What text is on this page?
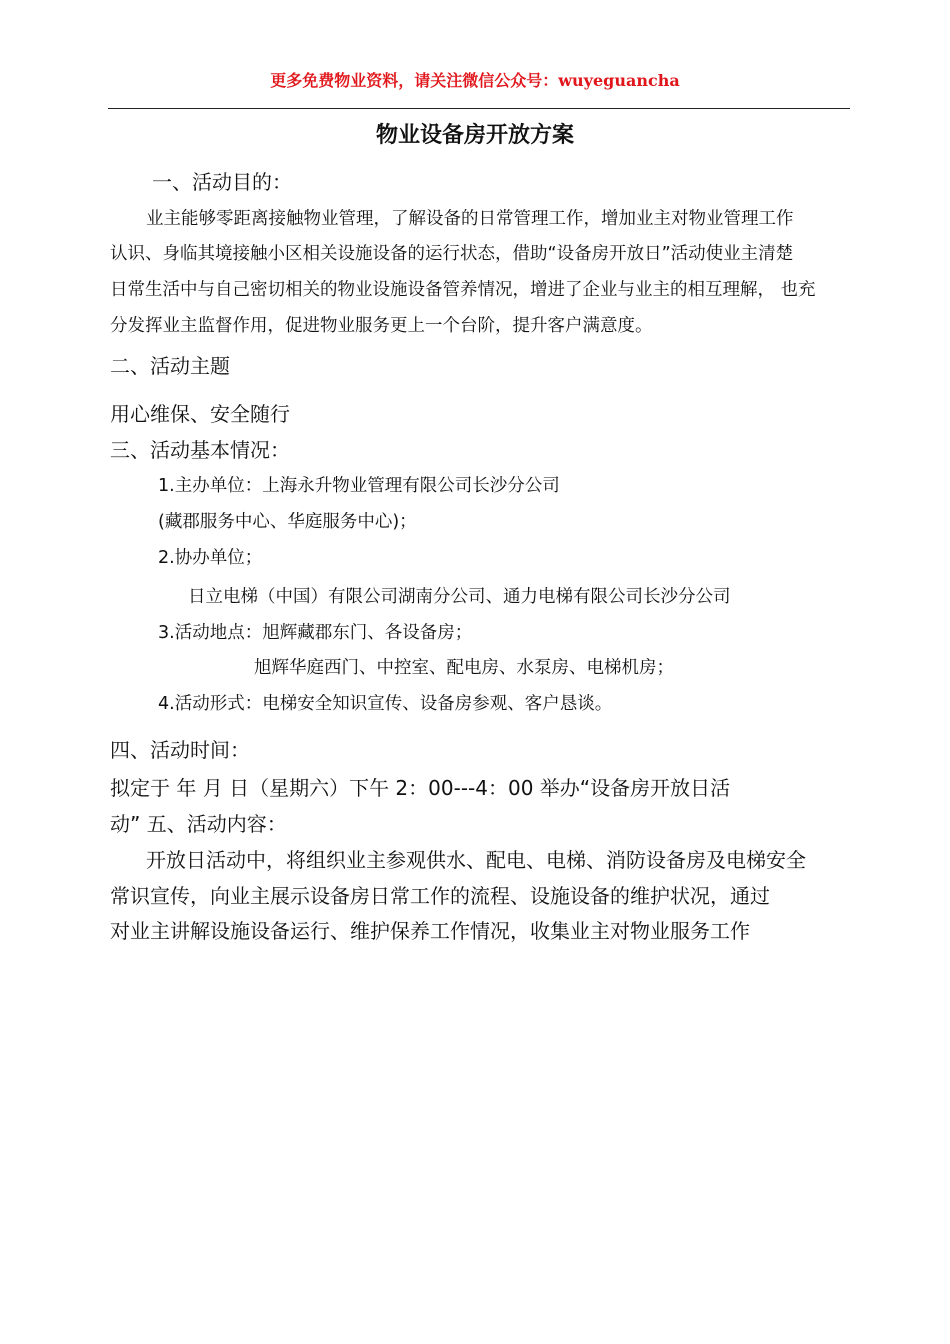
更多免费物业资料，请关注微信公众号：wuyeguancha
物业设备房开放方案
一、活动目的：
业主能够零距离接触物业管理，了解设备的日常管理工作，增加业主对物业管理工作
认识、身临其境接触小区相关设施设备的运行状态，借助“设备房开放日”活动使业主清楚
日常生活中与自己密切相关的物业设施设备管养情况，增进了企业与业主的相互理解， 也充
分发挥业主监督作用，促进物业服务更上一个台阶，提升客户满意度。
二、活动主题
用心维保、安全随行
三、活动基本情况：
1.主办单位：上海永升物业管理有限公司长沙分公司
(藏郡服务中心、华庭服务中心)；
2.协办单位；
日立电梯（中国）有限公司湖南分公司、通力电梯有限公司长沙分公司
3.活动地点：旭辉藏郡东门、各设备房；
旭辉华庭西门、中控室、配电房、水泵房、电梯机房；
4.活动形式：电梯安全知识宣传、设备房参观、客户恳谈。
四、活动时间：
拟定于 年 月 日（星期六）下午 2：00---4：00 举办“设备房开放日活
动” 五、活动内容：
开放日活动中，将组织业主参观供水、配电、电梯、消防设备房及电梯安全
常识宣传，向业主展示设备房日常工作的流程、设施设备的维护状况，通过
对业主讲解设施设备运行、维护保养工作情况，收集业主对物业服务工作
